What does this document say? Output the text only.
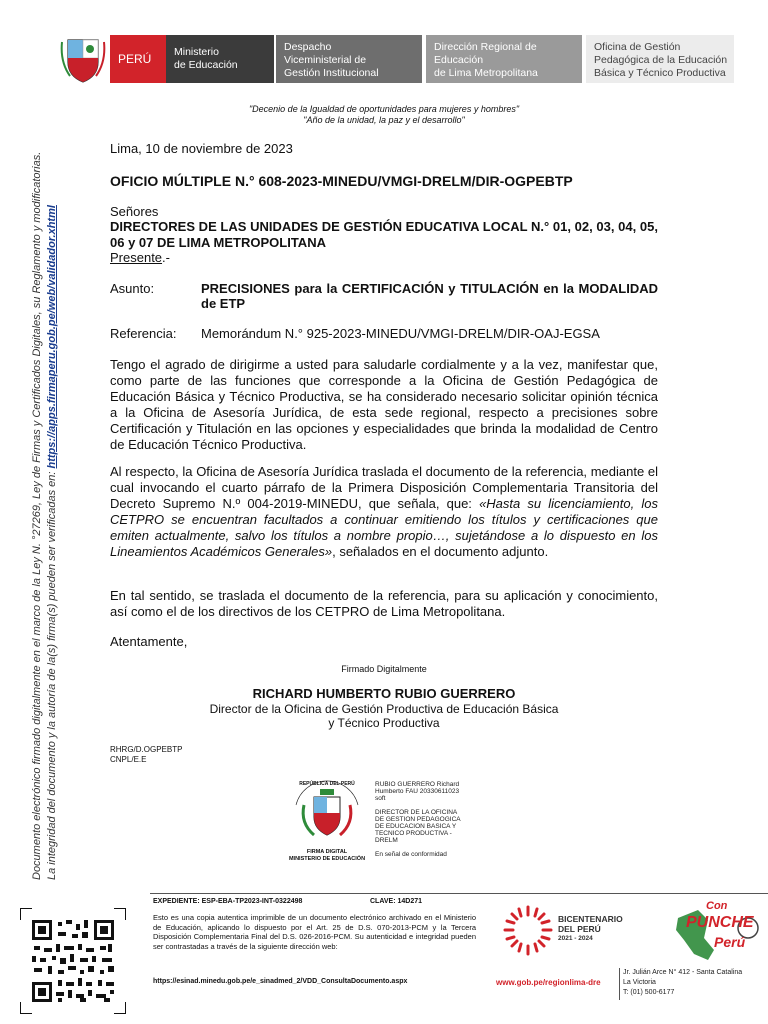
PERÚ	Ministerio
de Educación
Despacho
Viceministerial de
Gestión Institucional
Dirección Regional de
Educación
de Lima Metropolitana
Oficina de Gestión
Pedagógica de la Educación
Básica y Técnico Productiva
Documento electrónico firmado digitalmente en el marco de la Ley N. °27269, Ley de Firmas y Certificados Digitales, su Reglamento y modificatorias. La integridad del documento y la autoría de la(s) firma(s) pueden ser verificadas en: https://apps.firmaperu.gob.pe/web/validador.xhtml
"Decenio de la Igualdad de oportunidades para mujeres y hombres"
"Año de la unidad, la paz y el desarrollo"
Lima, 10 de noviembre de 2023
OFICIO MÚLTIPLE N.° 608-2023-MINEDU/VMGI-DRELM/DIR-OGPEBTP
Señores
DIRECTORES DE LAS UNIDADES DE GESTIÓN EDUCATIVA LOCAL N.° 01, 02, 03, 04, 05, 06 y 07 DE LIMA METROPOLITANA
Presente.-
Asunto:	PRECISIONES para la CERTIFICACIÓN y TITULACIÓN en la MODALIDAD de ETP
Referencia:	Memorándum N.° 925-2023-MINEDU/VMGI-DRELM/DIR-OAJ-EGSA
Tengo el agrado de dirigirme a usted para saludarle cordialmente y a la vez, manifestar que, como parte de las funciones que corresponde a la Oficina de Gestión Pedagógica de Educación Básica y Técnico Productiva, se ha considerado necesario solicitar opinión técnica a la Oficina de Asesoría Jurídica, de esta sede regional, respecto a precisiones sobre Certificación y Titulación en las opciones y especialidades que brinda la modalidad de Centro de Educación Técnico Productiva.
Al respecto, la Oficina de Asesoría Jurídica traslada el documento de la referencia, mediante el cual invocando el cuarto párrafo de la Primera Disposición Complementaria Transitoria del Decreto Supremo N.º 004-2019-MINEDU, que señala, que: «Hasta su licenciamiento, los CETPRO se encuentran facultados a continuar emitiendo los títulos y certificaciones que emiten actualmente, salvo los títulos a nombre propio…, sujetándose a lo dispuesto en los Lineamientos Académicos Generales», señalados en el documento adjunto.
En tal sentido, se traslada el documento de la referencia, para su aplicación y conocimiento, así como el de los directivos de los CETPRO de Lima Metropolitana.
Atentamente,
Firmado Digitalmente
RICHARD HUMBERTO RUBIO GUERRERO
Director de la Oficina de Gestión Productiva de Educación Básica
y Técnico Productiva
RHRG/D.OGPEBTP
CNPL/E.E
REPÚBLICA DEL PERÚ
FIRMA DIGITAL
MINISTERIO DE EDUCACIÓN
RUBIO GUERRERO Richard
Humberto FAU 20330611023
soft
DIRECTOR DE LA OFICINA
DE GESTION PEDAGOGICA
DE EDUCACION BASICA Y
TECNICO PRODUCTIVA -
DRELM
En señal de conformidad
EXPEDIENTE: ESP-EBA-TP2023-INT-0322498	CLAVE: 14D271
Esto es una copia autentica imprimible de un documento electrónico archivado en el Ministerio de Educación, aplicando lo dispuesto por el Art. 25 de D.S. 070-2013-PCM y la Tercera Disposición Complementaria Final del D.S. 026-2016-PCM. Su autenticidad e integridad pueden ser contrastadas a través de la siguiente dirección web:
https://esinad.minedu.gob.pe/e_sinadmed_2/VDD_ConsultaDocumento.aspx
BICENTENARIO
DEL PERÚ
2021 - 2024
Con
PUNCHE
Perú
www.gob.pe/regionlima-dre
Jr. Julián Arce N° 412 - Santa Catalina
La Victoria
T: (01) 500-6177
